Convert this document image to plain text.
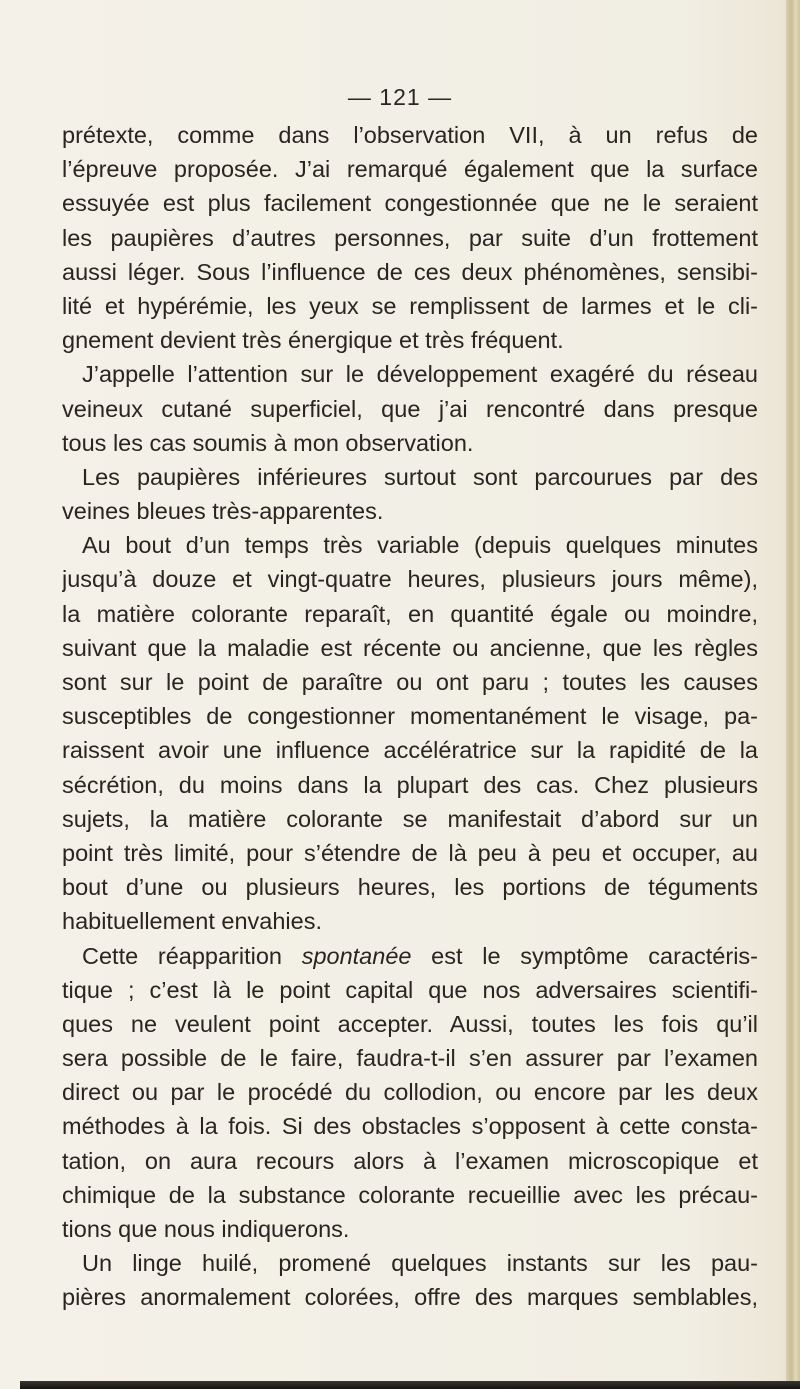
— 121 —
prétexte, comme dans l’observation VII, à un refus de
l’épreuve proposée. J’ai remarqué également que la surface
essuyée est plus facilement congestionnée que ne le seraient
les paupières d’autres personnes, par suite d’un frottement
aussi léger. Sous l’influence de ces deux phénomènes, sensibi-
lité et hypérémie, les yeux se remplissent de larmes et le cli-
gnement devient très énergique et très fréquent.
J’appelle l’attention sur le développement exagéré du réseau
veineux cutané superficiel, que j’ai rencontré dans presque
tous les cas soumis à mon observation.
Les paupières inférieures surtout sont parcourues par des
veines bleues très-apparentes.
Au bout d’un temps très variable (depuis quelques minutes
jusqu’à douze et vingt-quatre heures, plusieurs jours même),
la matière colorante reparaît, en quantité égale ou moindre,
suivant que la maladie est récente ou ancienne, que les règles
sont sur le point de paraître ou ont paru ; toutes les causes
susceptibles de congestionner momentanément le visage, pa-
raissent avoir une influence accélératrice sur la rapidité de la
sécrétion, du moins dans la plupart des cas. Chez plusieurs
sujets, la matière colorante se manifestait d’abord sur un
point très limité, pour s’étendre de là peu à peu et occuper, au
bout d’une ou plusieurs heures, les portions de téguments
habituellement envahies.
Cette réapparition spontanée est le symptôme caractéris-
tique ; c’est là le point capital que nos adversaires scientifi-
ques ne veulent point accepter. Aussi, toutes les fois qu’il
sera possible de le faire, faudra-t-il s’en assurer par l’examen
direct ou par le procédé du collodion, ou encore par les deux
méthodes à la fois. Si des obstacles s’opposent à cette consta-
tation, on aura recours alors à l’examen microscopique et
chimique de la substance colorante recueillie avec les précau-
tions que nous indiquerons.
Un linge huilé, promené quelques instants sur les pau-
pières anormalement colorées, offre des marques semblables,
